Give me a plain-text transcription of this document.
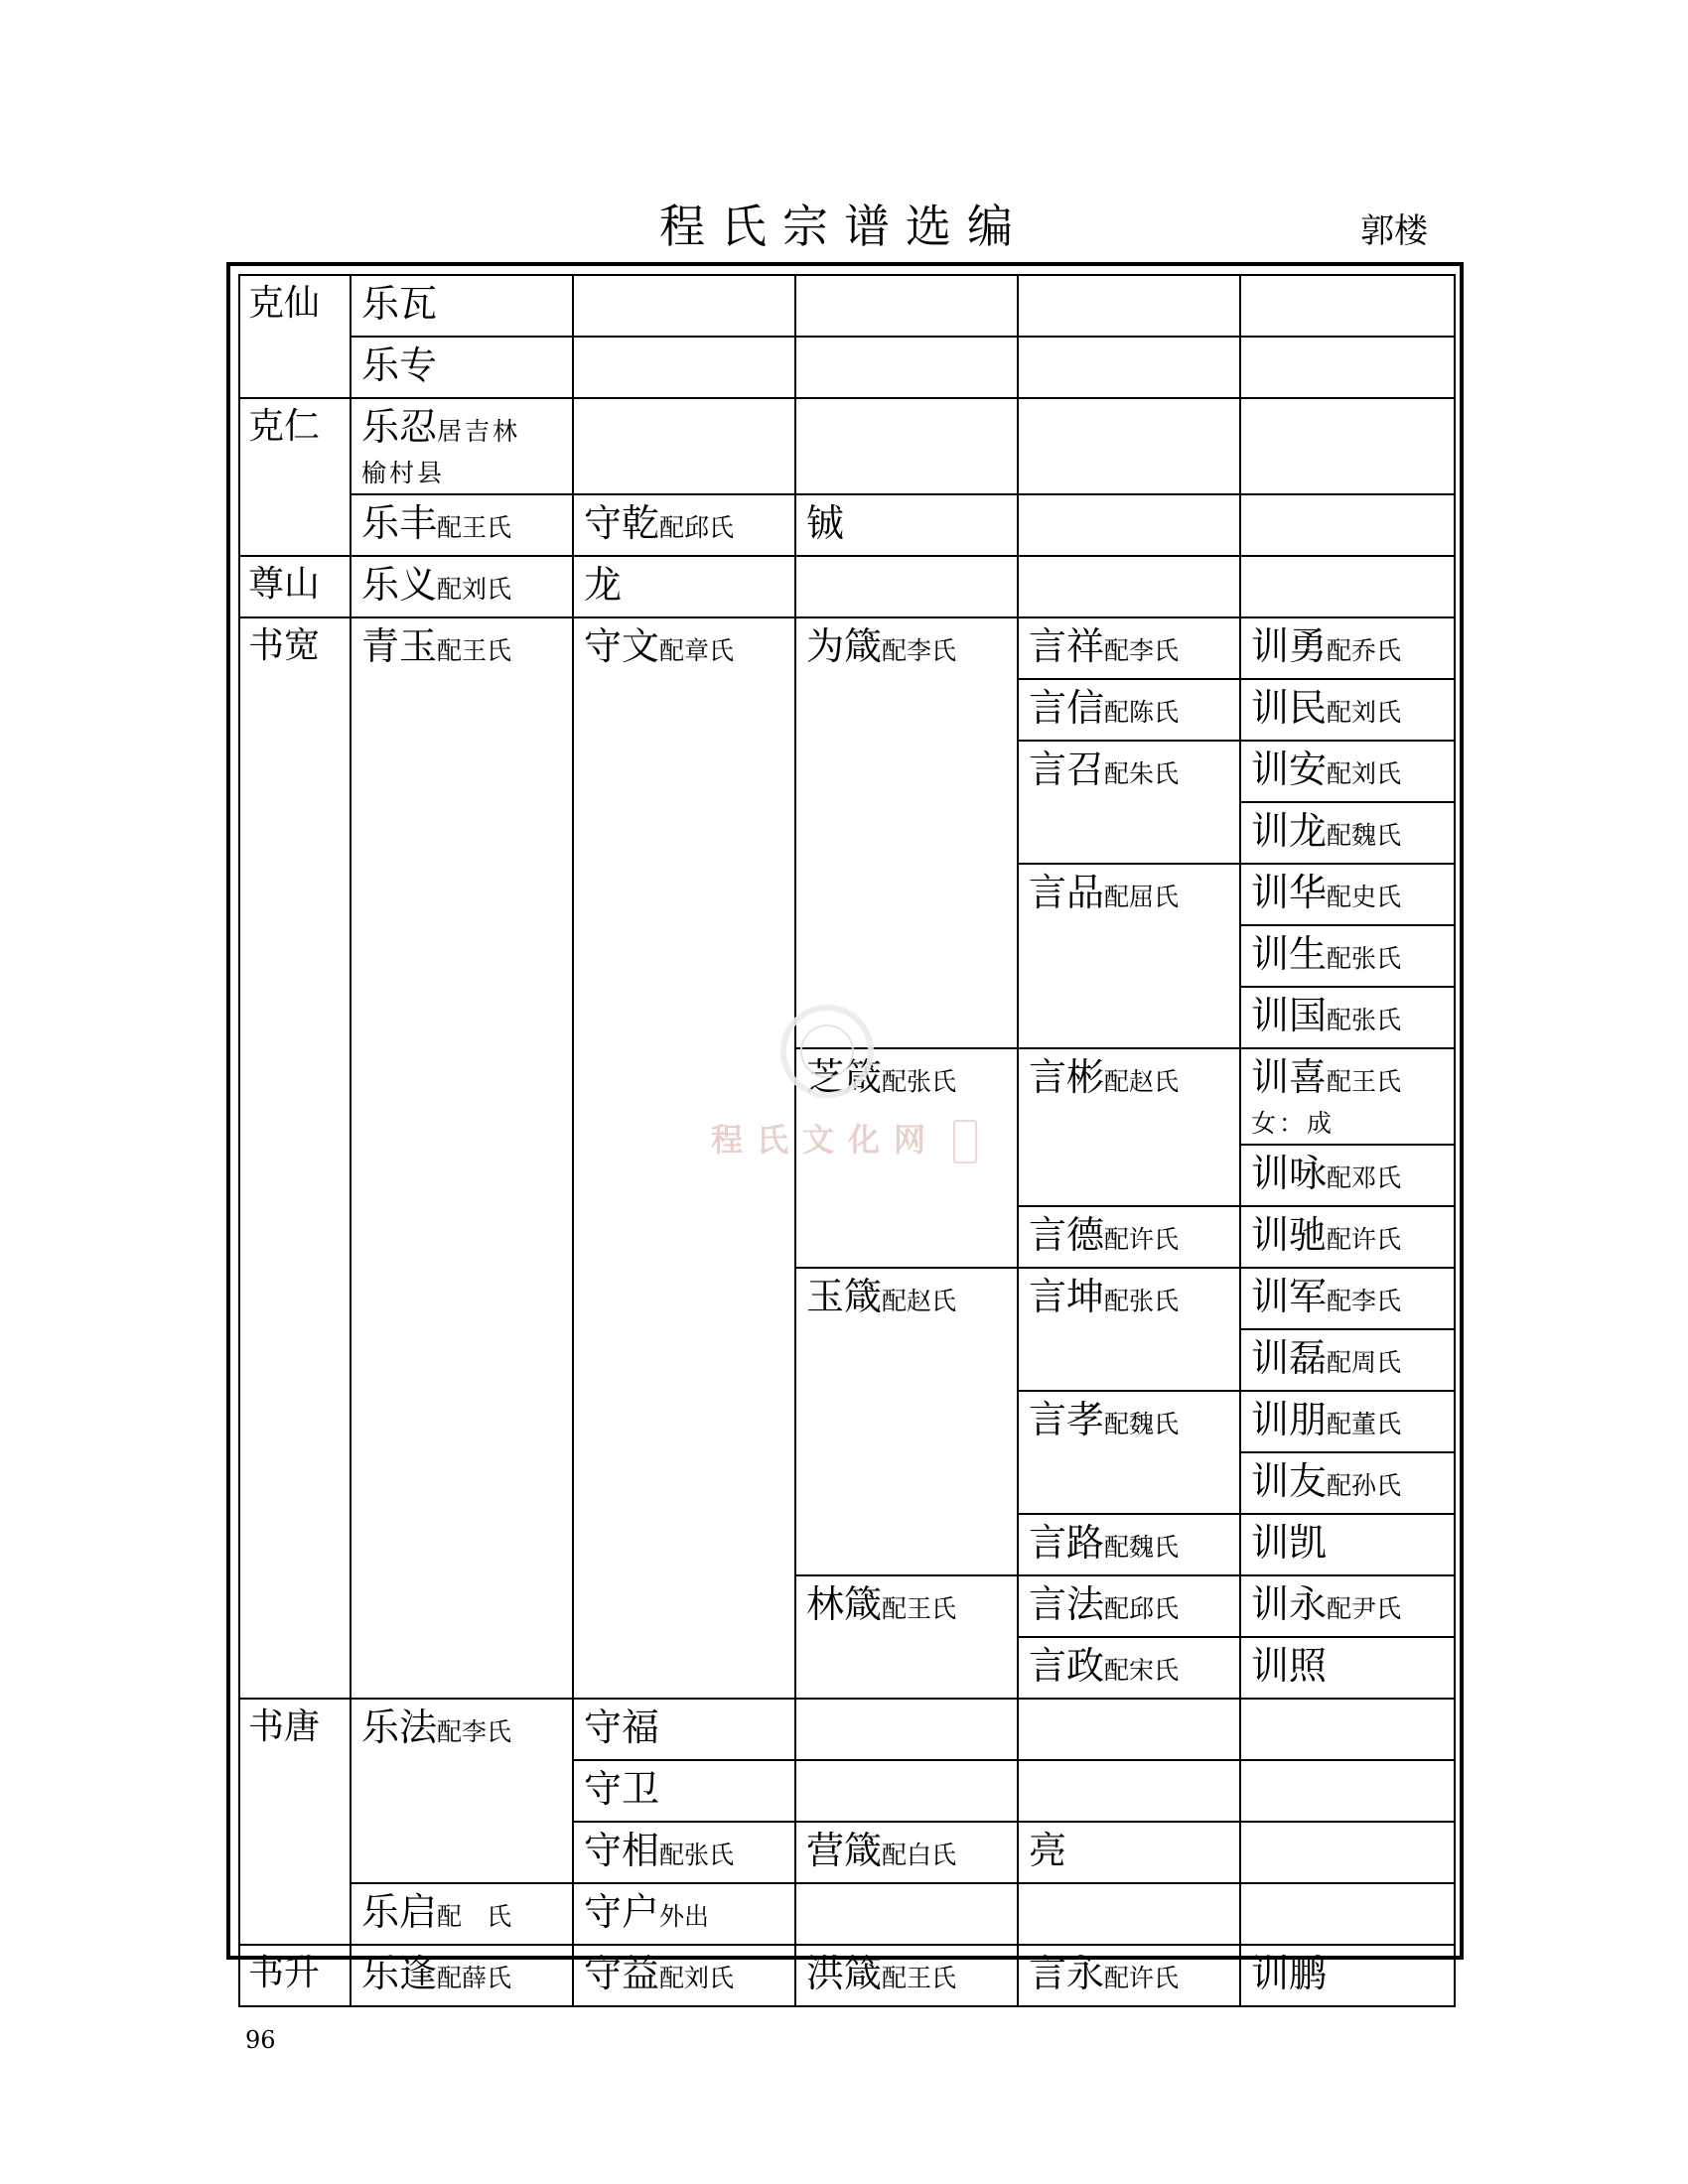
程氏宗谱选编	郭楼
克仙	乐瓦				
	乐专				
克仁	乐忍居吉林
榆村县				

	乐丰配王氏	守乾配邱氏	铖		
尊山	乐义配刘氏	龙			
书宽	青玉配王氏	守文配章氏	为箴配李氏	言祥配李氏	训勇配乔氏
				言信配陈氏	训民配刘氏
				言召配朱氏	训安配刘氏
					训龙配魏氏
				言品配屈氏	训华配史氏
					训生配张氏
					训国配张氏
			芝箴配张氏	言彬配赵氏	训喜配王氏
女：成

					训咏配邓氏
				言德配许氏	训驰配许氏
			玉箴配赵氏	言坤配张氏	训军配李氏
					训磊配周氏
				言孝配魏氏	训朋配董氏
					训友配孙氏
				言路配魏氏	训凯
			林箴配王氏	言法配邱氏	训永配尹氏
				言政配宋氏	训照
书唐	乐法配李氏	守福			
		守卫			
		守相配张氏	营箴配白氏	亮	
	乐启配　氏	守户外出			
书升	乐逢配薛氏	守益配刘氏	洪箴配王氏	言永配许氏	训鹏
程氏文化网
96
